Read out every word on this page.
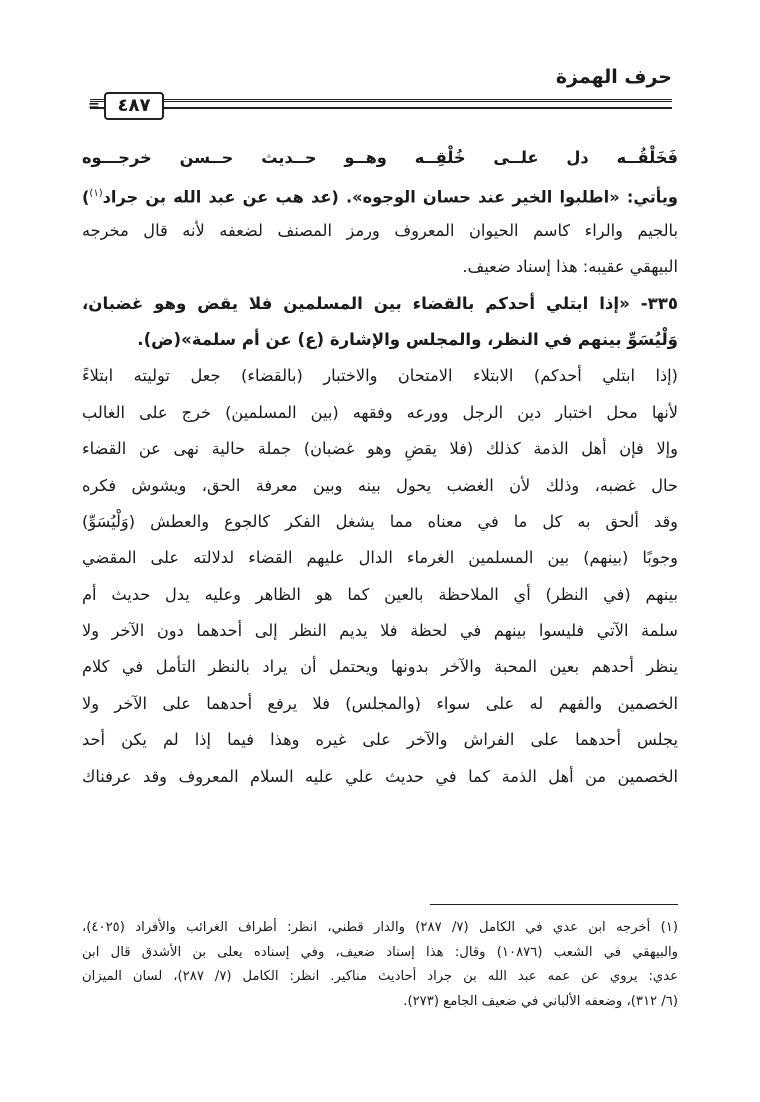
حرف الهمزة
= ٤٨٧
فَخَلْقُــه دل علــى خُلْقِــه وهــو حــديث حــسن خرجـــوه
ويأتي: «اطلبوا الخير عند حسان الوجوه». (عد هب عن عبد الله بن جراد$^{(١)}$)
بالجيم والراء كاسم الحيوان المعروف ورمز المصنف لضعفه لأنه قال مخرجه
البيهقي عقيبه: هذا إسناد ضعيف.
٣٣٥- «إذا ابتلي أحدكم بالقضاء بين المسلمين فلا يقض وهو غضبان،
وَلْيُسَوِّ بينهم في النظر، والمجلس والإشارة (ع) عن أم سلمة»(ض).
(إذا ابتلي أحدكم) الابتلاء الامتحان والاختبار (بالقضاء) جعل توليته ابتلاءً
لأنها محل اختبار دين الرجل وورعه وفقهه (بين المسلمين) خرج على الغالب
وإلا فإن أهل الذمة كذلك (فلا يقضِ وهو غضبان) جملة حالية نهى عن القضاء
حال غضبه، وذلك لأن الغضب يحول بينه وبين معرفة الحق، ويشوش فكره
وقد ألحق به كل ما في معناه مما يشغل الفكر كالجوع والعطش (وَلْيُسَوِّ)
وجوبًا (بينهم) بين المسلمين الغرماء الدال عليهم القضاء لدلالته على المقضي
بينهم (في النظر) أي الملاحظة بالعين كما هو الظاهر وعليه يدل حديث أم
سلمة الآتي فليسوا بينهم في لحظة فلا يديم النظر إلى أحدهما دون الآخر ولا
ينظر أحدهم بعين المحبة والآخر بدونها ويحتمل أن يراد بالنظر التأمل في كلام
الخصمين والفهم له على سواء (والمجلس) فلا يرفع أحدهما على الآخر ولا
يجلس أحدهما على الفراش والآخر على غيره وهذا فيما إذا لم يكن أحد
الخصمين من أهل الذمة كما في حديث علي عليه السلام المعروف وقد عرفناك
(١) أخرجه ابن عدي في الكامل (٧/ ٢٨٧) والدار قطني، انظر: أطراف الغرائب والأفراد (٤٠٢٥)،
والبيهقي في الشعب (١٠٨٧٦) وقال: هذا إسناد ضعيف، وفي إسناده يعلى بن الأشدق قال ابن
عدي: يروي عن عمه عبد الله بن جراد أحاديث مناكير. انظر: الكامل (٧/ ٢٨٧)، لسان الميزان
(٦/ ٣١٢)، وضعفه الألباني في ضعيف الجامع (٢٧٣).
